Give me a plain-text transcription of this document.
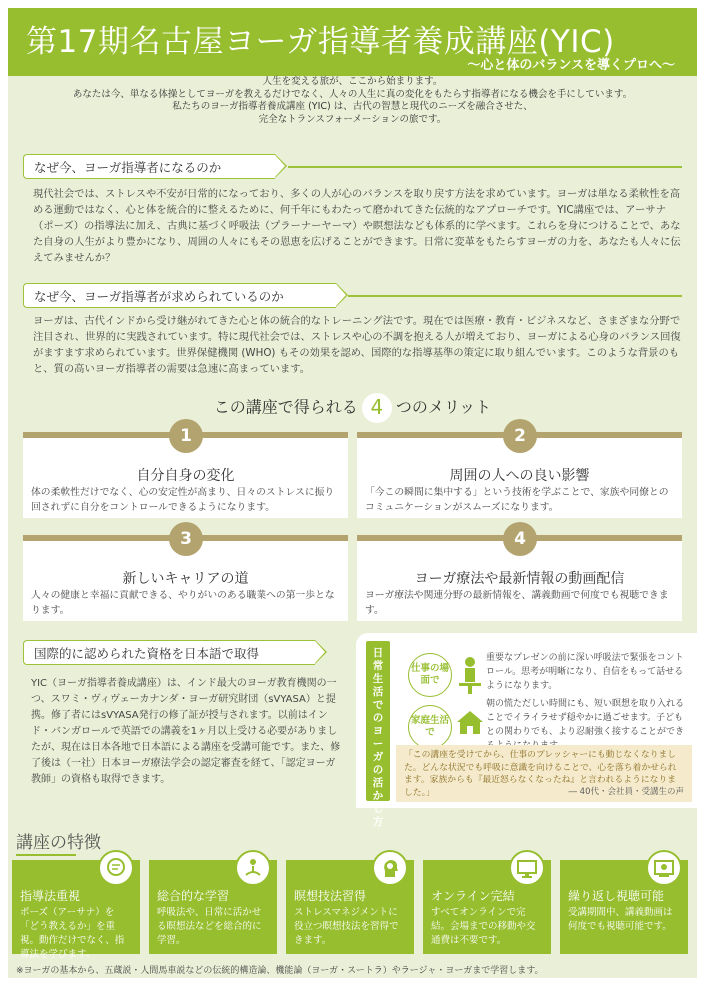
第17期名古屋ヨーガ指導者養成講座(YIC)
〜心と体のバランスを導くプロへ〜
人生を変える旅が、ここから始まります。
あなたは今、単なる体操としてヨーガを教えるだけでなく、人々の人生に真の変化をもたらす指導者になる機会を手にしています。
私たちのヨーガ指導者養成講座 (YIC) は、古代の智慧と現代のニーズを融合させた、
完全なトランスフォーメーションの旅です。
なぜ今、ヨーガ指導者になるのか
現代社会では、ストレスや不安が日常的になっており、多くの人が心のバランスを取り戻す方法を求めています。ヨーガは単なる柔軟性を高める運動ではなく、心と体を統合的に整えるために、何千年にもわたって磨かれてきた伝統的なアプローチです。YIC講座では、アーサナ（ポーズ）の指導法に加え、古典に基づく呼吸法（プラーナーヤーマ）や瞑想法なども体系的に学べます。これらを身につけることで、あなた自身の人生がより豊かになり、周囲の人々にもその恩恵を広げることができます。日常に変革をもたらすヨーガの力を、あなたも人々に伝えてみませんか？
なぜ今、ヨーガ指導者が求められているのか
ヨーガは、古代インドから受け継がれてきた心と体の統合的なトレーニング法です。現在では医療・教育・ビジネスなど、さまざまな分野で注目され、世界的に実践されています。特に現代社会では、ストレスや心の不調を抱える人が増えており、ヨーガによる心身のバランス回復がますます求められています。世界保健機関 (WHO) もその効果を認め、国際的な指導基準の策定に取り組んでいます。このような背景のもと、質の高いヨーガ指導者の需要は急速に高まっています。
この講座で得られる 4 つのメリット
自分自身の変化
体の柔軟性だけでなく、心の安定性が高まり、日々のストレスに振り回されずに自分をコントロールできるようになります。
1
周囲の人への良い影響
「今この瞬間に集中する」という技術を学ぶことで、家族や同僚とのコミュニケーションがスムーズになります。
2
新しいキャリアの道
人々の健康と幸福に貢献できる、やりがいのある職業への第一歩となります。
3
ヨーガ療法や最新情報の動画配信
ヨーガ療法や関連分野の最新情報を、講義動画で何度でも視聴できます。
4
国際的に認められた資格を日本語で取得
YIC（ヨーガ指導者養成講座）は、インド最大のヨーガ教育機関の一つ、スワミ・ヴィヴェーカナンダ・ヨーガ研究財団（sVYASA）と提携。修了者にはsVYASA発行の修了証が授与されます。以前はインド・バンガロールで英語での講義を1ヶ月以上受ける必要がありましたが、現在は日本各地で日本語による講座を受講可能です。また、修了後は（一社）日本ヨーガ療法学会の認定審査を経て、「認定ヨーガ教師」の資格も取得できます。
日常生活でのヨーガの活かし方
仕事の場面で
重要なプレゼンの前に深い呼吸法で緊張をコントロール。思考が明晰になり、自信をもって話せるようになります。
家庭生活で
朝の慌ただしい時間にも、短い瞑想を取り入れることでイライラせず穏やかに過ごせます。子どもとの関わりでも、より忍耐強く接することができ
「この講座を受けてから、仕事のプレッシャーにも動じなくなりました。どんな状況でも呼吸に意識を向けることで、心を落ち着かせられます。家族からも『最近怒らなくなったね』と言われるようになりました。」	― 40代・会社員・受講生の声
講座の特徴
指導法重視
ポーズ（アーサナ）を「どう教えるか」を重視。動作だけでなく、指導法を学びます。
総合的な学習
呼吸法や、日常に活かせる瞑想法などを総合的に学習。
瞑想技法習得
ストレスマネジメントに役立つ瞑想技法を習得できます。
オンライン完結
すべてオンラインで完結。会場までの移動や交通費は不要です。
繰り返し視聴可能
受講期間中、講義動画は何度でも視聴可能です。
※ヨーガの基本から、五蔵説・人間馬車説などの伝統的構造論、機能論（ヨーガ・スートラ）やラージャ・ヨーガまで学習します。
